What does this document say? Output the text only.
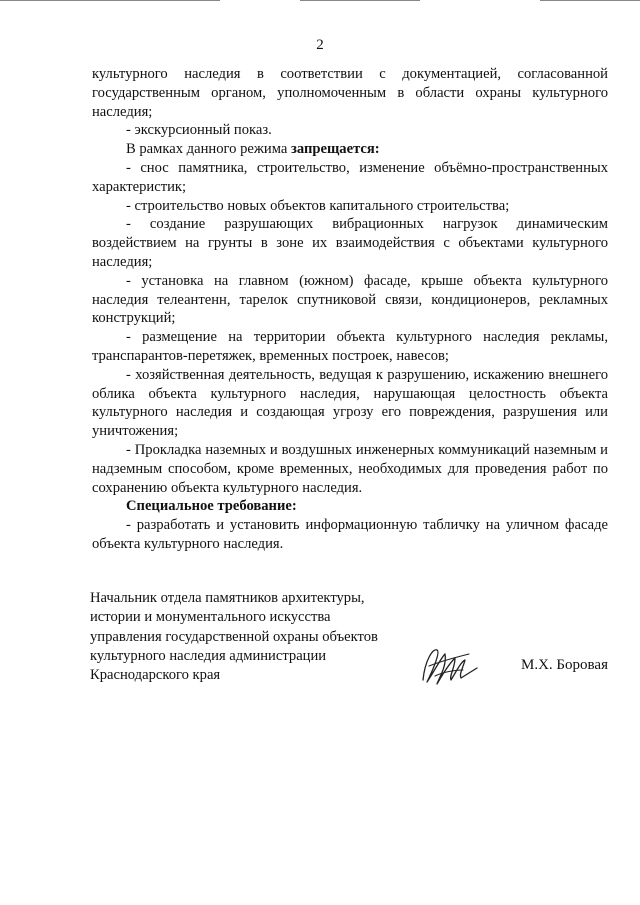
2

культурного наследия в соответствии с документацией, согласованной государственным органом, уполномоченным в области охраны культурного наследия;

- экскурсионный показ.

В рамках данного режима запрещается:

- снос памятника, строительство, изменение объёмно-пространственных характеристик;

- строительство новых объектов капитального строительства;

- создание разрушающих вибрационных нагрузок динамическим воздействием на грунты в зоне их взаимодействия с объектами культурного наследия;

- установка на главном (южном) фасаде, крыше объекта культурного наследия телеантенн, тарелок спутниковой связи, кондиционеров, рекламных конструкций;

- размещение на территории объекта культурного наследия рекламы, транспарантов-перетяжек, временных построек, навесов;

- хозяйственная деятельность, ведущая к разрушению, искажению внешнего облика объекта культурного наследия, нарушающая целостность объекта культурного наследия и создающая угрозу его повреждения, разрушения или уничтожения;

- Прокладка наземных и воздушных инженерных коммуникаций наземным и надземным способом, кроме временных, необходимых для проведения работ по сохранению объекта культурного наследия.

Специальное требование:

- разработать и установить информационную табличку на уличном фасаде объекта культурного наследия.

Начальник отдела памятников архитектуры,
истории и монументального искусства
управления государственной охраны объектов
культурного наследия администрации
Краснодарского края
М.Х. Боровая
